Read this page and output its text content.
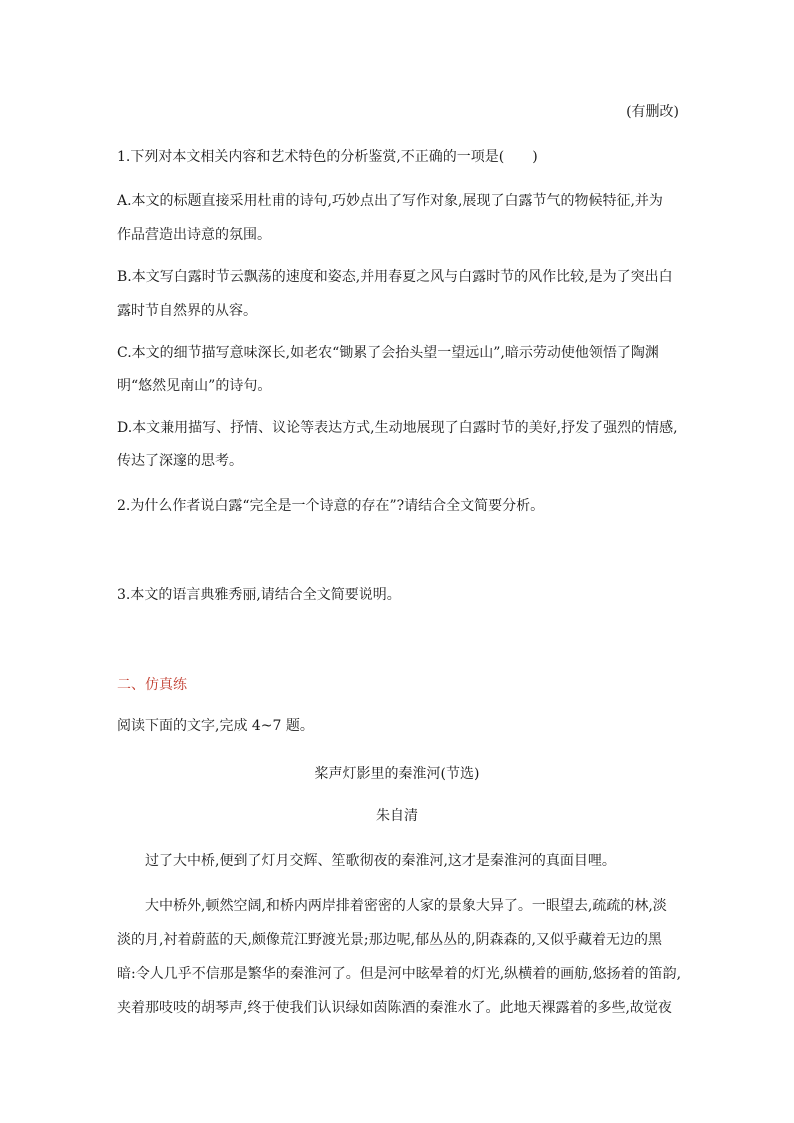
(有删改)
1.下列对本文相关内容和艺术特色的分析鉴赏,不正确的一项是(　　)
A.本文的标题直接采用杜甫的诗句,巧妙点出了写作对象,展现了白露节气的物候特征,并为
作品营造出诗意的氛围。
B.本文写白露时节云飘荡的速度和姿态,并用春夏之风与白露时节的风作比较,是为了突出白
露时节自然界的从容。
C.本文的细节描写意味深长,如老农“锄累了会抬头望一望远山”,暗示劳动使他领悟了陶渊
明“悠然见南山”的诗句。
D.本文兼用描写、抒情、议论等表达方式,生动地展现了白露时节的美好,抒发了强烈的情感,
传达了深邃的思考。
2.为什么作者说白露“完全是一个诗意的存在”?请结合全文简要分析。
3.本文的语言典雅秀丽,请结合全文简要说明。
二、仿真练
阅读下面的文字,完成 4~7 题。
桨声灯影里的秦淮河(节选)
朱自清
过了大中桥,便到了灯月交辉、笙歌彻夜的秦淮河,这才是秦淮河的真面目哩。
大中桥外,顿然空阔,和桥内两岸排着密密的人家的景象大异了。一眼望去,疏疏的林,淡
淡的月,衬着蔚蓝的天,颇像荒江野渡光景;那边呢,郁丛丛的,阴森森的,又似乎藏着无边的黑
暗:令人几乎不信那是繁华的秦淮河了。但是河中眩晕着的灯光,纵横着的画舫,悠扬着的笛韵,
夹着那吱吱的胡琴声,终于使我们认识绿如茵陈酒的秦淮水了。此地天裸露着的多些,故觉夜
